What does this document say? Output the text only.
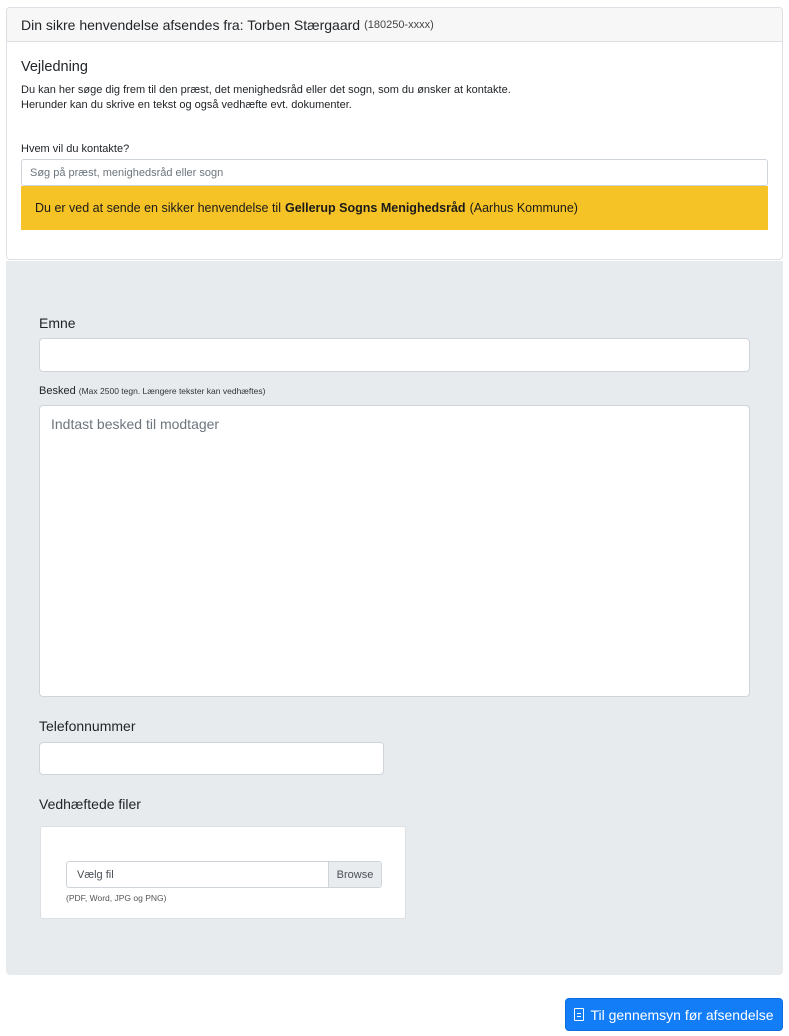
Din sikre henvendelse afsendes fra: Torben Stærgaard (180250-xxxx)
Vejledning

Du kan her søge dig frem til den præst, det menighedsråd eller det sogn, som du ønsker at kontakte.

Herunder kan du skrive en tekst og også vedhæfte evt. dokumenter.

Hvem vil du kontakte?
Søg på præst, menighedsråd eller sogn
Du er ved at sende en sikker henvendelse til Gellerup Sogns Menighedsråd (Aarhus Kommune)
Emne
Besked (Max 2500 tegn. Længere tekster kan vedhæftes)
Indtast besked til modtager
Telefonnummer
Vedhæftede filer
Vælg fil	Browse
(PDF, Word, JPG og PNG)
Til gennemsyn før afsendelse
